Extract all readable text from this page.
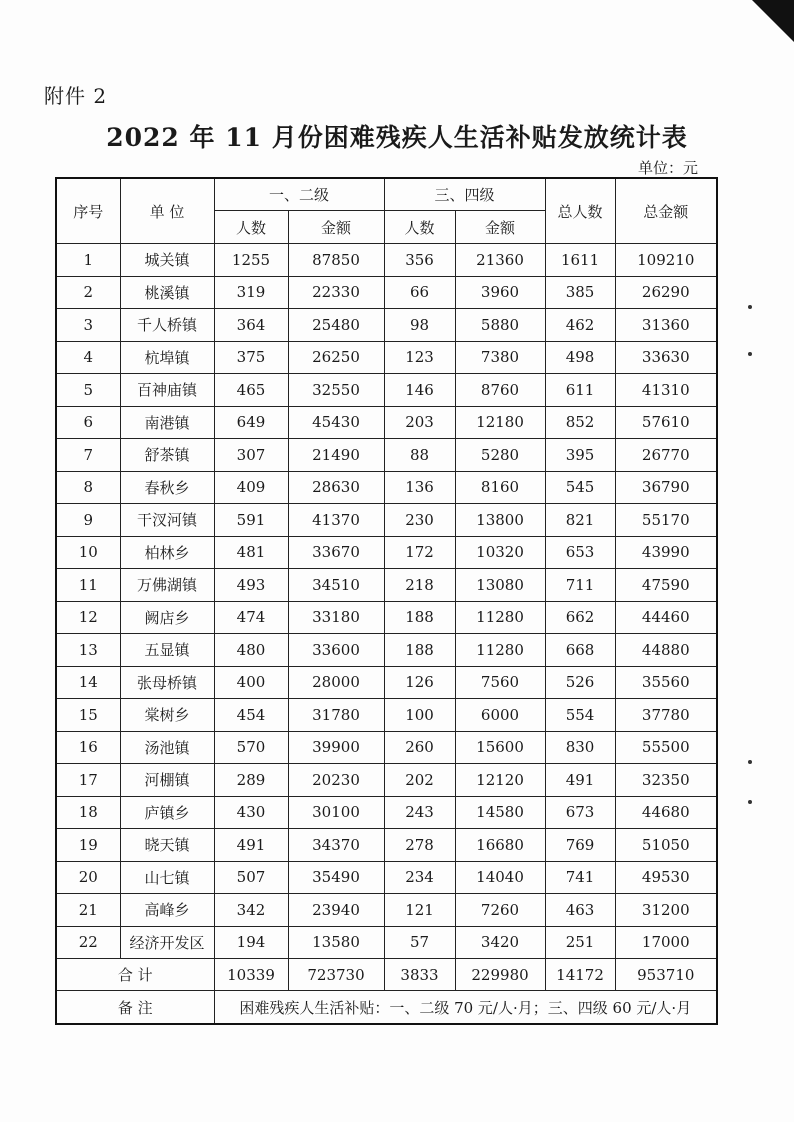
附件 2
2022 年 11 月份困难残疾人生活补贴发放统计表
单位：元
序号	单 位	一、二级		三、四级		总人数	总金额
		人数	金额	人数	金额		
1	城关镇	1255	87850	356	21360	1611	109210
2	桃溪镇	319	22330	66	3960	385	26290
3	千人桥镇	364	25480	98	5880	462	31360
4	杭埠镇	375	26250	123	7380	498	33630
5	百神庙镇	465	32550	146	8760	611	41310
6	南港镇	649	45430	203	12180	852	57610
7	舒茶镇	307	21490	88	5280	395	26770
8	春秋乡	409	28630	136	8160	545	36790
9	干汊河镇	591	41370	230	13800	821	55170
10	柏林乡	481	33670	172	10320	653	43990
11	万佛湖镇	493	34510	218	13080	711	47590
12	阙店乡	474	33180	188	11280	662	44460
13	五显镇	480	33600	188	11280	668	44880
14	张母桥镇	400	28000	126	7560	526	35560
15	棠树乡	454	31780	100	6000	554	37780
16	汤池镇	570	39900	260	15600	830	55500
17	河棚镇	289	20230	202	12120	491	32350
18	庐镇乡	430	30100	243	14580	673	44680
19	晓天镇	491	34370	278	16680	769	51050
20	山七镇	507	35490	234	14040	741	49530
21	高峰乡	342	23940	121	7260	463	31200
22	经济开发区	194	13580	57	3420	251	17000
合 计		10339	723730	3833	229980	14172	953710
备 注		困难残疾人生活补贴：一、二级 70 元/人·月；三、四级 60 元/人·月					
